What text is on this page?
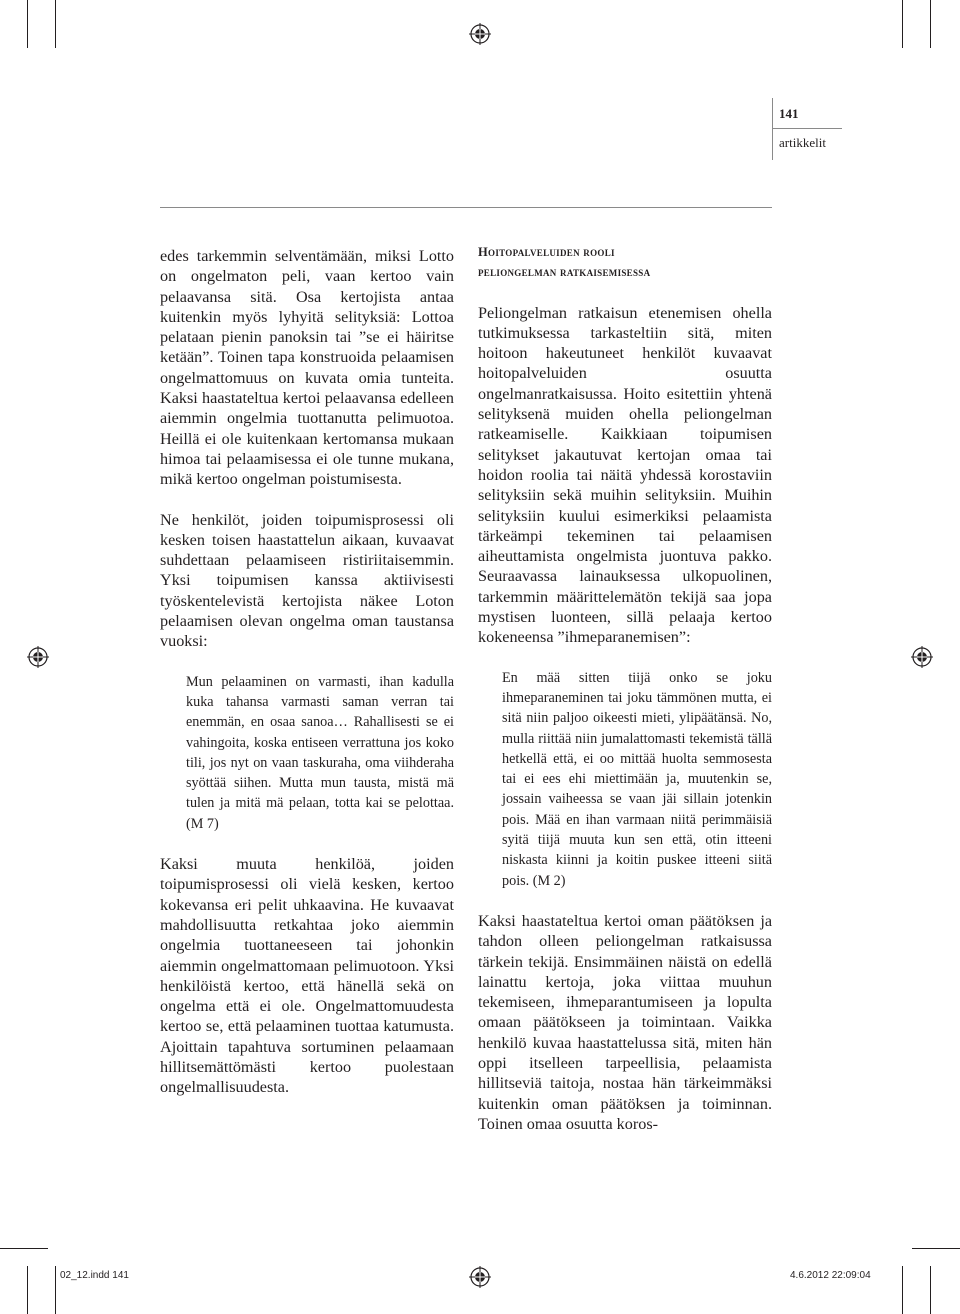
141
artikkelit

edes tarkemmin selventämään, miksi Lotto on ongelmaton peli, vaan kertoo vain pelaavansa sitä. Osa kertojista antaa kuitenkin myös lyhyitä selityksiä: Lottoa pelataan pienin panoksin tai ”se ei häiritse ketään”. Toinen tapa konstruoida pelaamisen ongelmattomuus on kuvata omia tunteita. Kaksi haastateltua kertoi pelaavansa edelleen aiemmin ongelmia tuottanutta pelimuotoa. Heillä ei ole kuitenkaan kertomansa mukaan himoa tai pelaamisessa ei ole tunne mukana, mikä kertoo ongelman poistumisesta.

Ne henkilöt, joiden toipumisprosessi oli kesken toisen haastattelun aikaan, kuvaavat suhdettaan pelaamiseen ristiriitaisemmin. Yksi toipumisen kanssa aktiivisesti työskentelevistä kertojista näkee Loton pelaamisen olevan ongelma oman taustansa vuoksi:

Mun pelaaminen on varmasti, ihan kadulla kuka tahansa varmasti saman verran tai enemmän, en osaa sanoa… Rahallisesti se ei vahingoita, koska entiseen verrattuna jos koko tili, jos nyt on vaan taskuraha, oma viihderaha syöttää siihen. Mutta mun tausta, mistä mä tulen ja mitä mä pelaan, totta kai se pelottaa. (M 7)

Kaksi muuta henkilöä, joiden toipumisprosessi oli vielä kesken, kertoo kokevansa eri pelit uhkaavina. He kuvaavat mahdollisuutta retkahtaa joko aiemmin ongelmia tuottaneeseen tai johonkin aiemmin ongelmattomaan pelimuotoon. Yksi henkilöistä kertoo, että hänellä sekä on ongelma että ei ole. Ongelmattomuudesta kertoo se, että pelaaminen tuottaa katumusta. Ajoittain tapahtuva sortuminen pelaamaan hillitsemättömästi kertoo puolestaan ongelmallisuudesta.

Hoitopalveluiden rooli
peliongelman ratkaisemisessa

Peliongelman ratkaisun etenemisen ohella tutkimuksessa tarkasteltiin sitä, miten hoitoon hakeutuneet henkilöt kuvaavat hoitopalveluiden osuutta ongelmanratkaisussa. Hoito esitettiin yhtenä selityksenä muiden ohella peliongelman ratkeamiselle. Kaikkiaan toipumisen selitykset jakautuvat kertojan omaa tai hoidon roolia tai näitä yhdessä korostaviin selityksiin sekä muihin selityksiin. Muihin selityksiin kuului esimerkiksi pelaamista tärkeämpi tekeminen tai pelaamisen aiheuttamista ongelmista juontuva pakko. Seuraavassa lainauksessa ulkopuolinen, tarkemmin määrittelemätön tekijä saa jopa mystisen luonteen, sillä pelaaja kertoo kokeneensa ”ihmeparanemisen”:

En mää sitten tiijä onko se joku ihmeparaneminen tai joku tämmönen mutta, ei sitä niin paljoo oikeesti mieti, ylipäätänsä. No, mulla riittää niin jumalattomasti tekemistä tällä hetkellä että, ei oo mittää huolta semmosesta tai ei ees ehi miettimään ja, muutenkin se, jossain vaiheessa se vaan jäi sillain jotenkin pois. Mää en ihan varmaan niitä perimmäisiä syitä tiijä muuta kun sen että, otin itteeni niskasta kiinni ja koitin puskee itteeni siitä pois. (M 2)

Kaksi haastateltua kertoi oman päätöksen ja tahdon olleen peliongelman ratkaisussa tärkein tekijä. Ensimmäinen näistä on edellä lainattu kertoja, joka viittaa muuhun tekemiseen, ihmeparantumiseen ja lopulta omaan päätökseen ja toimintaan. Vaikka henkilö kuvaa haastattelussa sitä, miten hän oppi itselleen tarpeellisia, pelaamista hillitseviä taitoja, nostaa hän tärkeimmäksi kuitenkin oman päätöksen ja toiminnan. Toinen omaa osuutta koros-

02_12.indd 141	4.6.2012 22:09:04
